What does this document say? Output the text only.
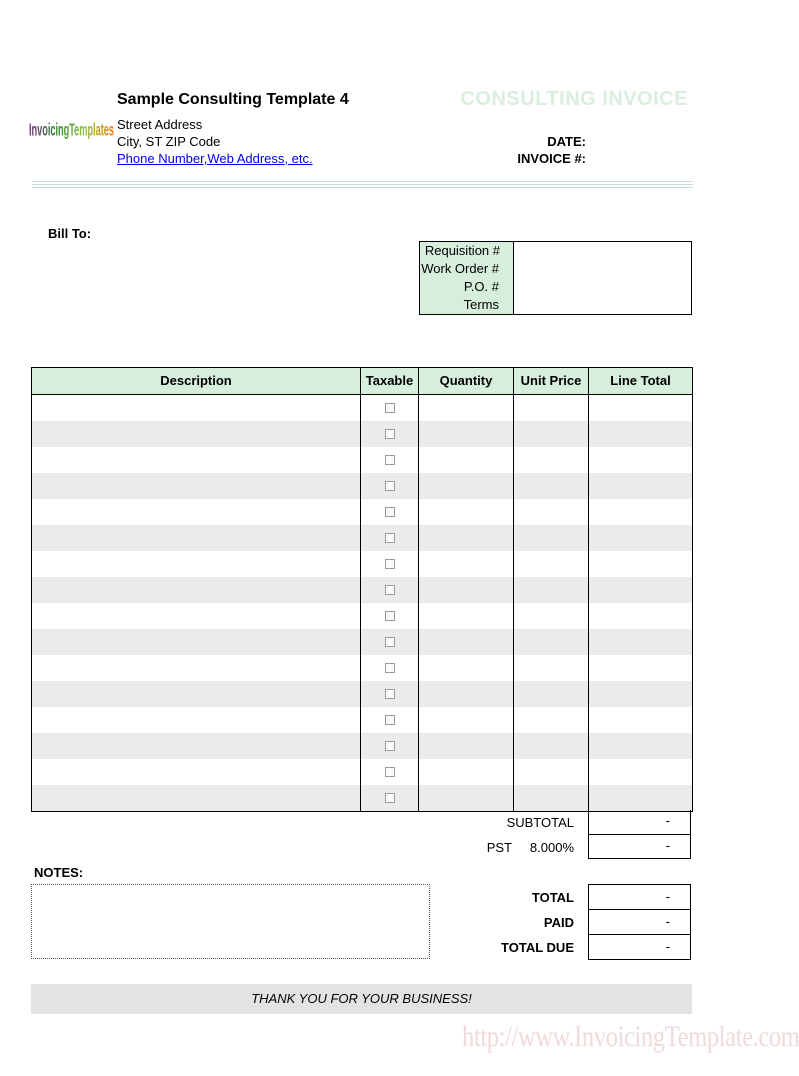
InvoicingTemplates
Sample Consulting Template 4
Street Address
City, ST ZIP Code
Phone Number,Web Address, etc.
CONSULTING INVOICE
DATE:
INVOICE #:
Bill To:
Requisition #
Work Order #
P.O. #
Terms
Description	Taxable	Quantity	Unit Price	Line Total
SUBTOTAL	-
PST	8.000%	-
NOTES:
TOTAL	-
PAID	-
TOTAL DUE	-
THANK YOU FOR YOUR BUSINESS!
http://www.InvoicingTemplate.com
